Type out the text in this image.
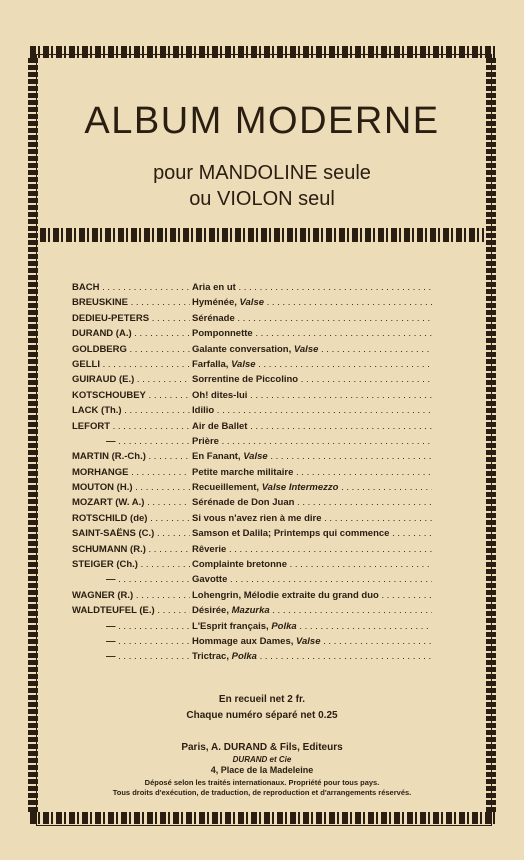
ALBUM MODERNE
pour MANDOLINE seule
ou VIOLON seul
BACH . . .	Aria en ut . . .
BREUSKINE . . .	Hyménée, Valse . . .
DEDIEU-PETERS . . .	Sérénade . . .
DURAND (A.) . . .	Pomponnette . . .
GOLDBERG . . .	Galante conversation, Valse . . .
GELLI . . .	Farfalla, Valse . . .
GUIRAUD (E.) . . .	Sorrentine de Piccolino . . .
KOTSCHOUBEY . . .	Oh! dites-lui . . .
LACK (Th.) . . .	Idilio . . .
LEFORT . . .	Air de Ballet . . .
— . . .	Prière . . .
MARTIN (R.-Ch.) . . .	En Fanant, Valse . . .
MORHANGE . . .	Petite marche militaire . . .
MOUTON (H.) . . .	Recueillement, Valse Intermezzo . . .
MOZART (W. A.) . . .	Sérénade de Don Juan . . .
ROTSCHILD (de) . . .	Si vous n'avez rien à me dire . . .
SAINT-SAËNS (C.) . . .	Samson et Dalila; Printemps qui commence . . .
SCHUMANN (R.) . . .	Rêverie . . .
STEIGER (Ch.) . . .	Complainte bretonne . . .
— . . .	Gavotte . . .
WAGNER (R.) . . .	Lohengrin, Mélodie extraite du grand duo . . .
WALDTEUFEL (E.) . . .	Désirée, Mazurka . . .
— . . .	L'Esprit français, Polka . . .
— . . .	Hommage aux Dames, Valse . . .
— . . .	Trictrac, Polka . . .
En recueil net 2 fr.
Chaque numéro séparé net 0.25
Paris, A. DURAND & Fils, Editeurs
DURAND et Cie
4, Place de la Madeleine
Déposé selon les traités internationaux. Propriété pour tous pays.
Tous droits d'exécution, de traduction, de reproduction et d'arrangements réservés.
